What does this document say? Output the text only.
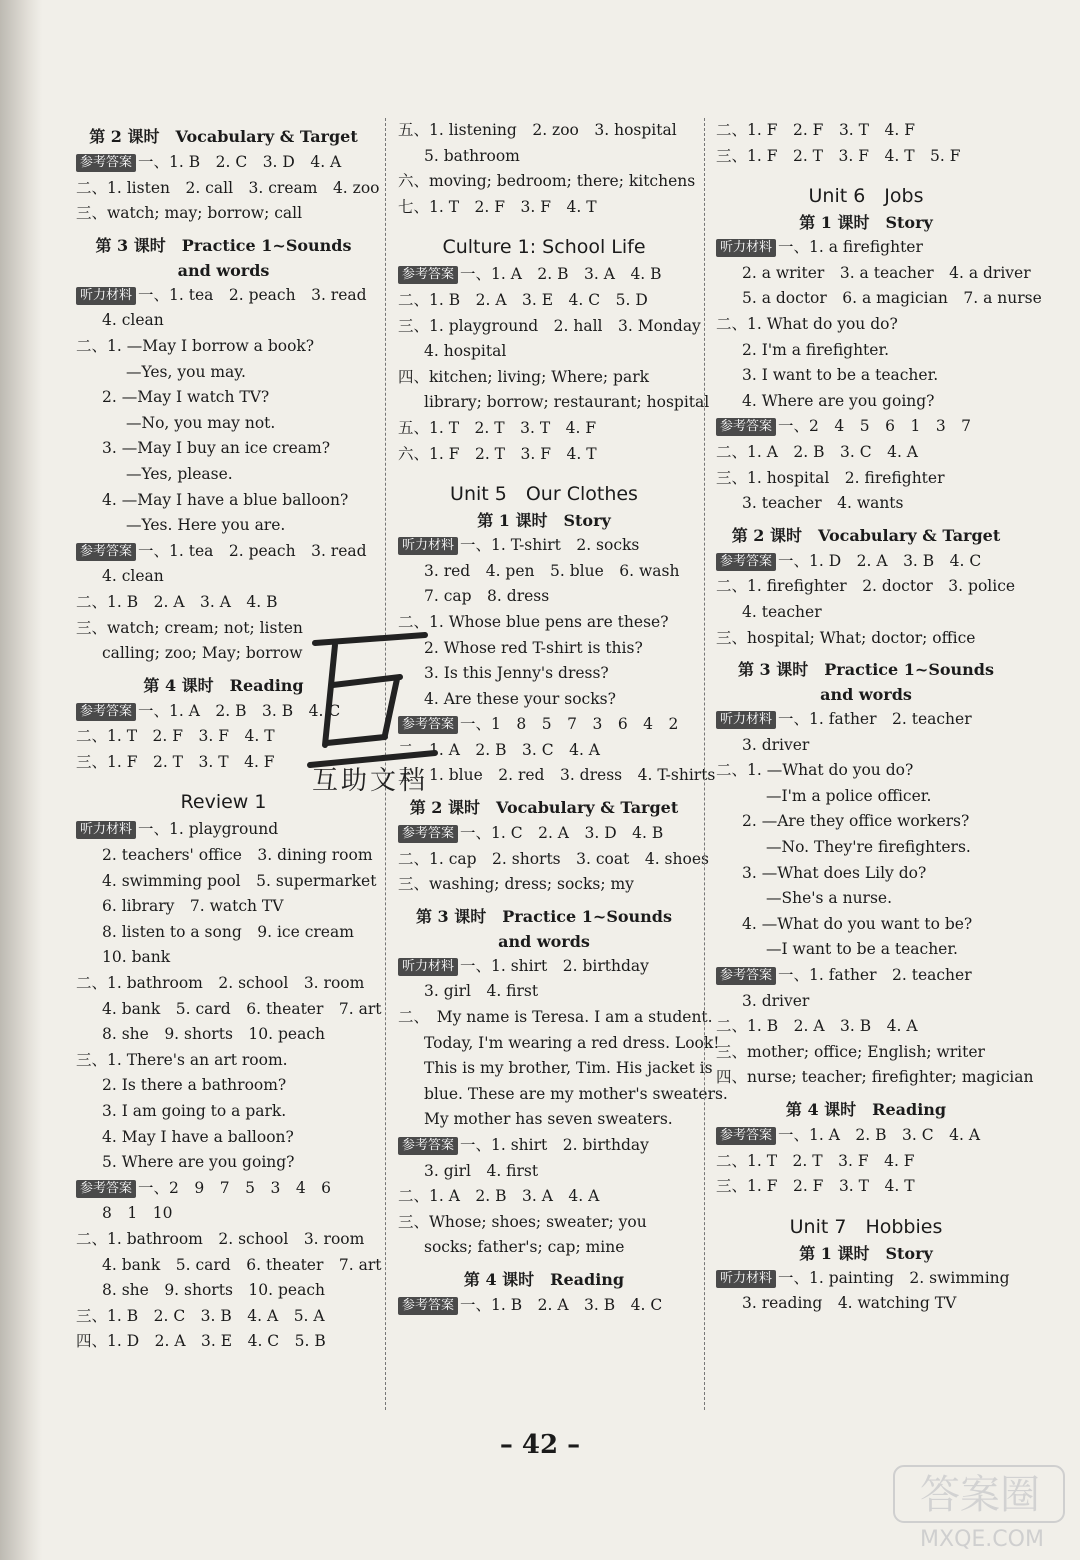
第 2 课时　Vocabulary & Target
参考答案 一、1. B　2. C　3. D　4. A
二、1. listen　2. call　3. cream　4. zoo
三、watch; may; borrow; call
第 3 课时　Practice 1~Sounds
and words
听力材料 一、1. tea　2. peach　3. read
4. clean
二、1. —May I borrow a book?
—Yes, you may.
2. —May I watch TV?
—No, you may not.
3. —May I buy an ice cream?
—Yes, please.
4. —May I have a blue balloon?
—Yes. Here you are.
参考答案 一、1. tea　2. peach　3. read
4. clean
二、1. B　2. A　3. A　4. B
三、watch; cream; not; listen
calling; zoo; May; borrow
第 4 课时　Reading
参考答案 一、1. A　2. B　3. B　4. C
二、1. T　2. F　3. F　4. T
三、1. F　2. T　3. T　4. F
Review 1
听力材料 一、1. playground
2. teachers' office　3. dining room
4. swimming pool　5. supermarket
6. library　7. watch TV
8. listen to a song　9. ice cream
10. bank
二、1. bathroom　2. school　3. room
4. bank　5. card　6. theater　7. art
8. she　9. shorts　10. peach
三、1. There's an art room.
2. Is there a bathroom?
3. I am going to a park.
4. May I have a balloon?
5. Where are you going?
参考答案 一、2　9　7　5　3　4　6
8　1　10
二、1. bathroom　2. school　3. room
4. bank　5. card　6. theater　7. art
8. she　9. shorts　10. peach
三、1. B　2. C　3. B　4. A　5. A
四、1. D　2. A　3. E　4. C　5. B
五、1. listening　2. zoo　3. hospital
5. bathroom
六、moving; bedroom; there; kitchens
七、1. T　2. F　3. F　4. T
Culture 1: School Life
参考答案 一、1. A　2. B　3. A　4. B
二、1. B　2. A　3. E　4. C　5. D
三、1. playground　2. hall　3. Monday
4. hospital
四、kitchen; living; Where; park
library; borrow; restaurant; hospital
五、1. T　2. T　3. T　4. F
六、1. F　2. T　3. F　4. T
Unit 5　Our Clothes
第 1 课时　Story
听力材料 一、1. T-shirt　2. socks
3. red　4. pen　5. blue　6. wash
7. cap　8. dress
二、1. Whose blue pens are these?
2. Whose red T-shirt is this?
3. Is this Jenny's dress?
4. Are these your socks?
参考答案 一、1　8　5　7　3　6　4　2
二、1. A　2. B　3. C　4. A
三、1. blue　2. red　3. dress　4. T-shirts
第 2 课时　Vocabulary & Target
参考答案 一、1. C　2. A　3. D　4. B
二、1. cap　2. shorts　3. coat　4. shoes
三、washing; dress; socks; my
第 3 课时　Practice 1~Sounds
and words
听力材料 一、1. shirt　2. birthday
3. girl　4. first
二、　My name is Teresa. I am a student.
Today, I'm wearing a red dress. Look!
This is my brother, Tim. His jacket is
blue. These are my mother's sweaters.
My mother has seven sweaters.
参考答案 一、1. shirt　2. birthday
3. girl　4. first
二、1. A　2. B　3. A　4. A
三、Whose; shoes; sweater; you
socks; father's; cap; mine
第 4 课时　Reading
参考答案 一、1. B　2. A　3. B　4. C
二、1. F　2. F　3. T　4. F
三、1. F　2. T　3. F　4. T　5. F
Unit 6　Jobs
第 1 课时　Story
听力材料 一、1. a firefighter
2. a writer　3. a teacher　4. a driver
5. a doctor　6. a magician　7. a nurse
二、1. What do you do?
2. I'm a firefighter.
3. I want to be a teacher.
4. Where are you going?
参考答案 一、2　4　5　6　1　3　7
二、1. A　2. B　3. C　4. A
三、1. hospital　2. firefighter
3. teacher　4. wants
第 2 课时　Vocabulary & Target
参考答案 一、1. D　2. A　3. B　4. C
二、1. firefighter　2. doctor　3. police
4. teacher
三、hospital; What; doctor; office
第 3 课时　Practice 1~Sounds
and words
听力材料 一、1. father　2. teacher
3. driver
二、1. —What do you do?
—I'm a police officer.
2. —Are they office workers?
—No. They're firefighters.
3. —What does Lily do?
—She's a nurse.
4. —What do you want to be?
—I want to be a teacher.
参考答案 一、1. father　2. teacher
3. driver
二、1. B　2. A　3. B　4. A
三、mother; office; English; writer
四、nurse; teacher; firefighter; magician
第 4 课时　Reading
参考答案 一、1. A　2. B　3. C　4. A
二、1. T　2. T　3. F　4. F
三、1. F　2. F　3. T　4. T
Unit 7　Hobbies
第 1 课时　Story
听力材料 一、1. painting　2. swimming
3. reading　4. watching TV
互助文档
– 42 –
答案圈
MXQE.COM
